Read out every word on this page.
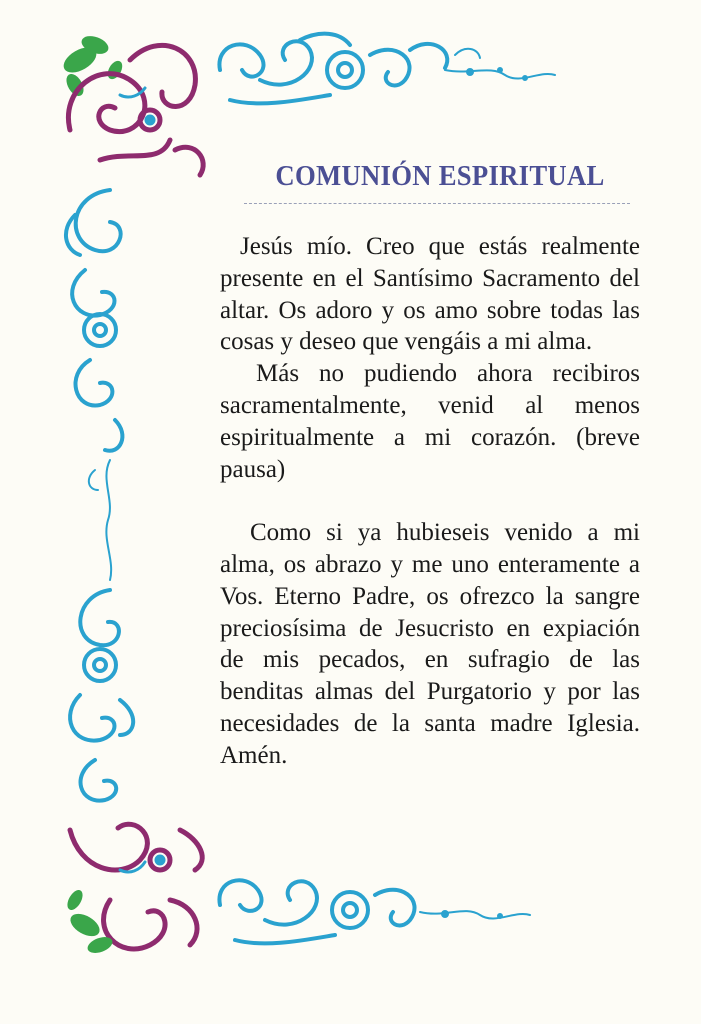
COMUNIÓN ESPIRITUAL

Jesús mío. Creo que estás realmente presente en el Santísimo Sacramento del altar. Os adoro y os amo sobre todas las cosas y deseo que vengáis a mi alma.

Más no pudiendo ahora recibiros sacramentalmente, venid al menos espiritualmente a mi corazón. (breve pausa)

Como si ya hubieseis venido a mi alma, os abrazo y me uno enteramente a Vos. Eterno Padre, os ofrezco la sangre preciosísima de Jesucristo en expiación de mis pecados, en sufragio de las benditas almas del Purgatorio y por las necesidades de la santa madre Iglesia. Amén.
